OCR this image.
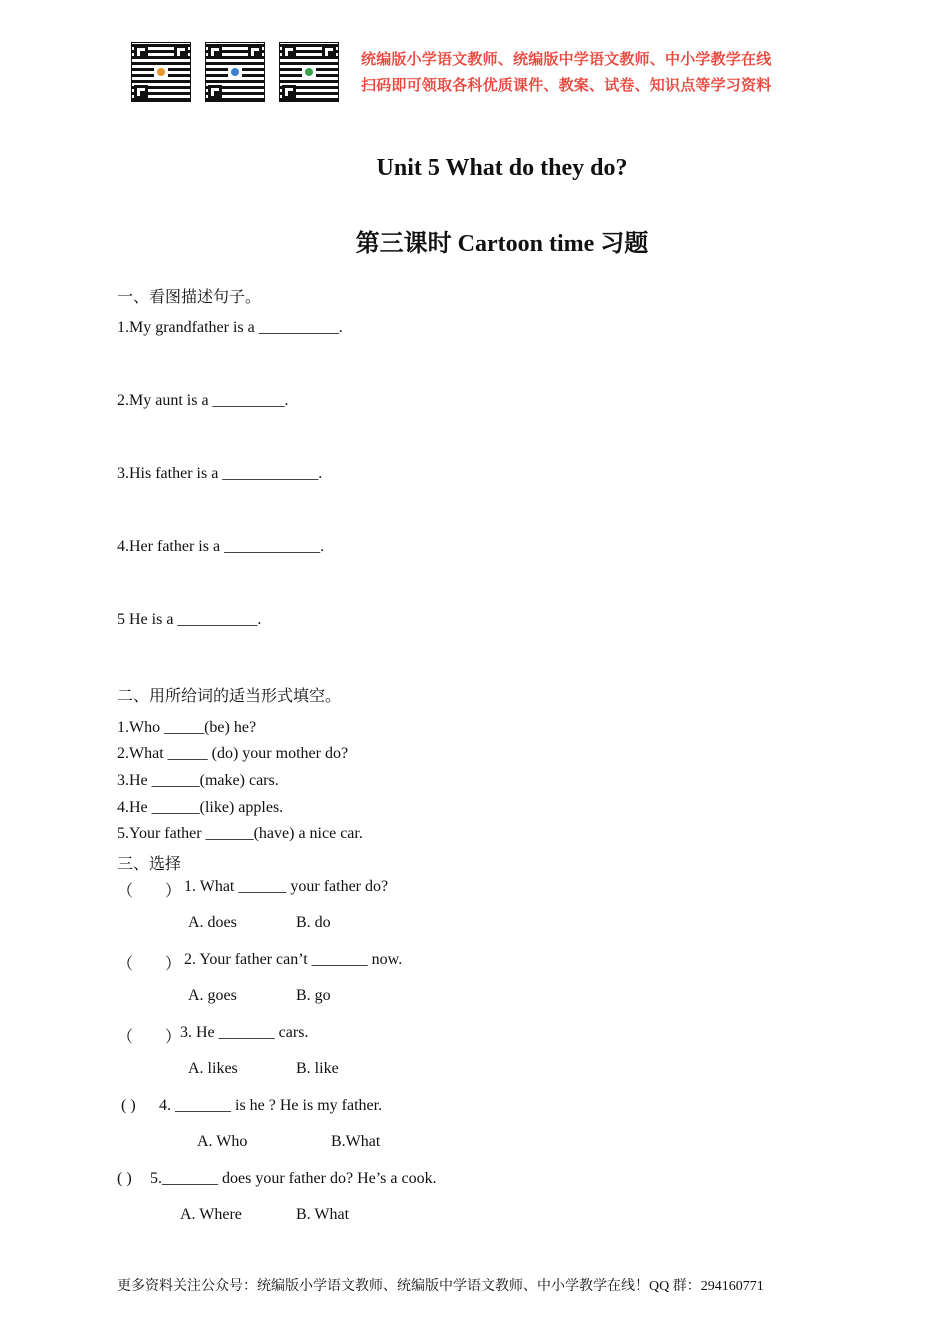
统编版小学语文教师、统编版中学语文教师、中小学教学在线
扫码即可领取各科优质课件、教案、试卷、知识点等学习资料
Unit 5 What do they do?
第三课时 Cartoon time 习题
一、看图描述句子。
1.My grandfather is a __________.
2.My aunt is a _________.
3.His father is a ____________.
4.Her father is a ____________.
5 He is a __________.
二、用所给词的适当形式填空。
1.Who _____(be) he?
2.What _____ (do) your mother do?
3.He ______(make) cars.
4.He ______(like) apples.
5.Your father ______(have) a nice car.
三、选择
（　　） 1. What ______ your father do?
A. does	B. do
（　　） 2. Your father can’t _______ now.
A. goes	B. go
（　　）
3. He _______ cars.
A. likes	B. like
( ) 4. _______ is he ? He is my father.
A. Who	B.What
( ) 5._______ does your father do? He’s a cook.
A. Where	B. What
更多资料关注公众号：统编版小学语文教师、统编版中学语文教师、中小学教学在线！QQ 群：294160771
